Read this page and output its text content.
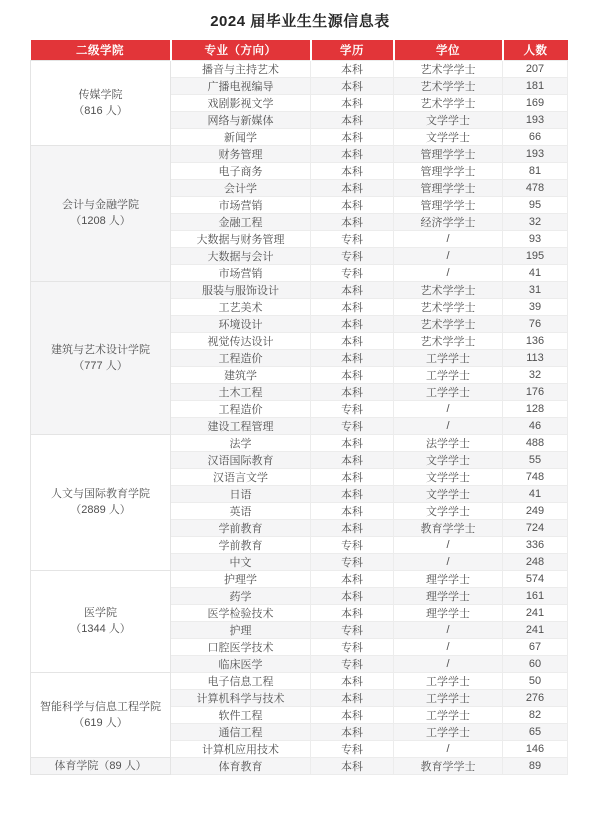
2024 届毕业生生源信息表
二级学院	专业（方向）	学历	学位	人数

传媒学院
（816 人）	播音与主持艺术	本科	艺术学学士	207
	广播电视编导	本科	艺术学学士	181
	戏剧影视文学	本科	艺术学学士	169
	网络与新媒体	本科	文学学士	193
	新闻学	本科	文学学士	66

会计与金融学院
（1208 人）	财务管理	本科	管理学学士	193
	电子商务	本科	管理学学士	81
	会计学	本科	管理学学士	478
	市场营销	本科	管理学学士	95
	金融工程	本科	经济学学士	32
	大数据与财务管理	专科	/	93
	大数据与会计	专科	/	195
	市场营销	专科	/	41

建筑与艺术设计学院
（777 人）	服装与服饰设计	本科	艺术学学士	31
	工艺美术	本科	艺术学学士	39
	环境设计	本科	艺术学学士	76
	视觉传达设计	本科	艺术学学士	136
	工程造价	本科	工学学士	113
	建筑学	本科	工学学士	32
	土木工程	本科	工学学士	176
	工程造价	专科	/	128
	建设工程管理	专科	/	46

人文与国际教育学院
（2889 人）	法学	本科	法学学士	488
	汉语国际教育	本科	文学学士	55
	汉语言文学	本科	文学学士	748
	日语	本科	文学学士	41
	英语	本科	文学学士	249
	学前教育	本科	教育学学士	724
	学前教育	专科	/	336
	中文	专科	/	248

医学院
（1344 人）	护理学	本科	理学学士	574
	药学	本科	理学学士	161
	医学检验技术	本科	理学学士	241
	护理	专科	/	241
	口腔医学技术	专科	/	67
	临床医学	专科	/	60

智能科学与信息工程学院
（619 人）	电子信息工程	本科	工学学士	50
	计算机科学与技术	本科	工学学士	276
	软件工程	本科	工学学士	82
	通信工程	本科	工学学士	65
	计算机应用技术	专科	/	146

体育学院（89 人）	体育教育	本科	教育学学士	89
